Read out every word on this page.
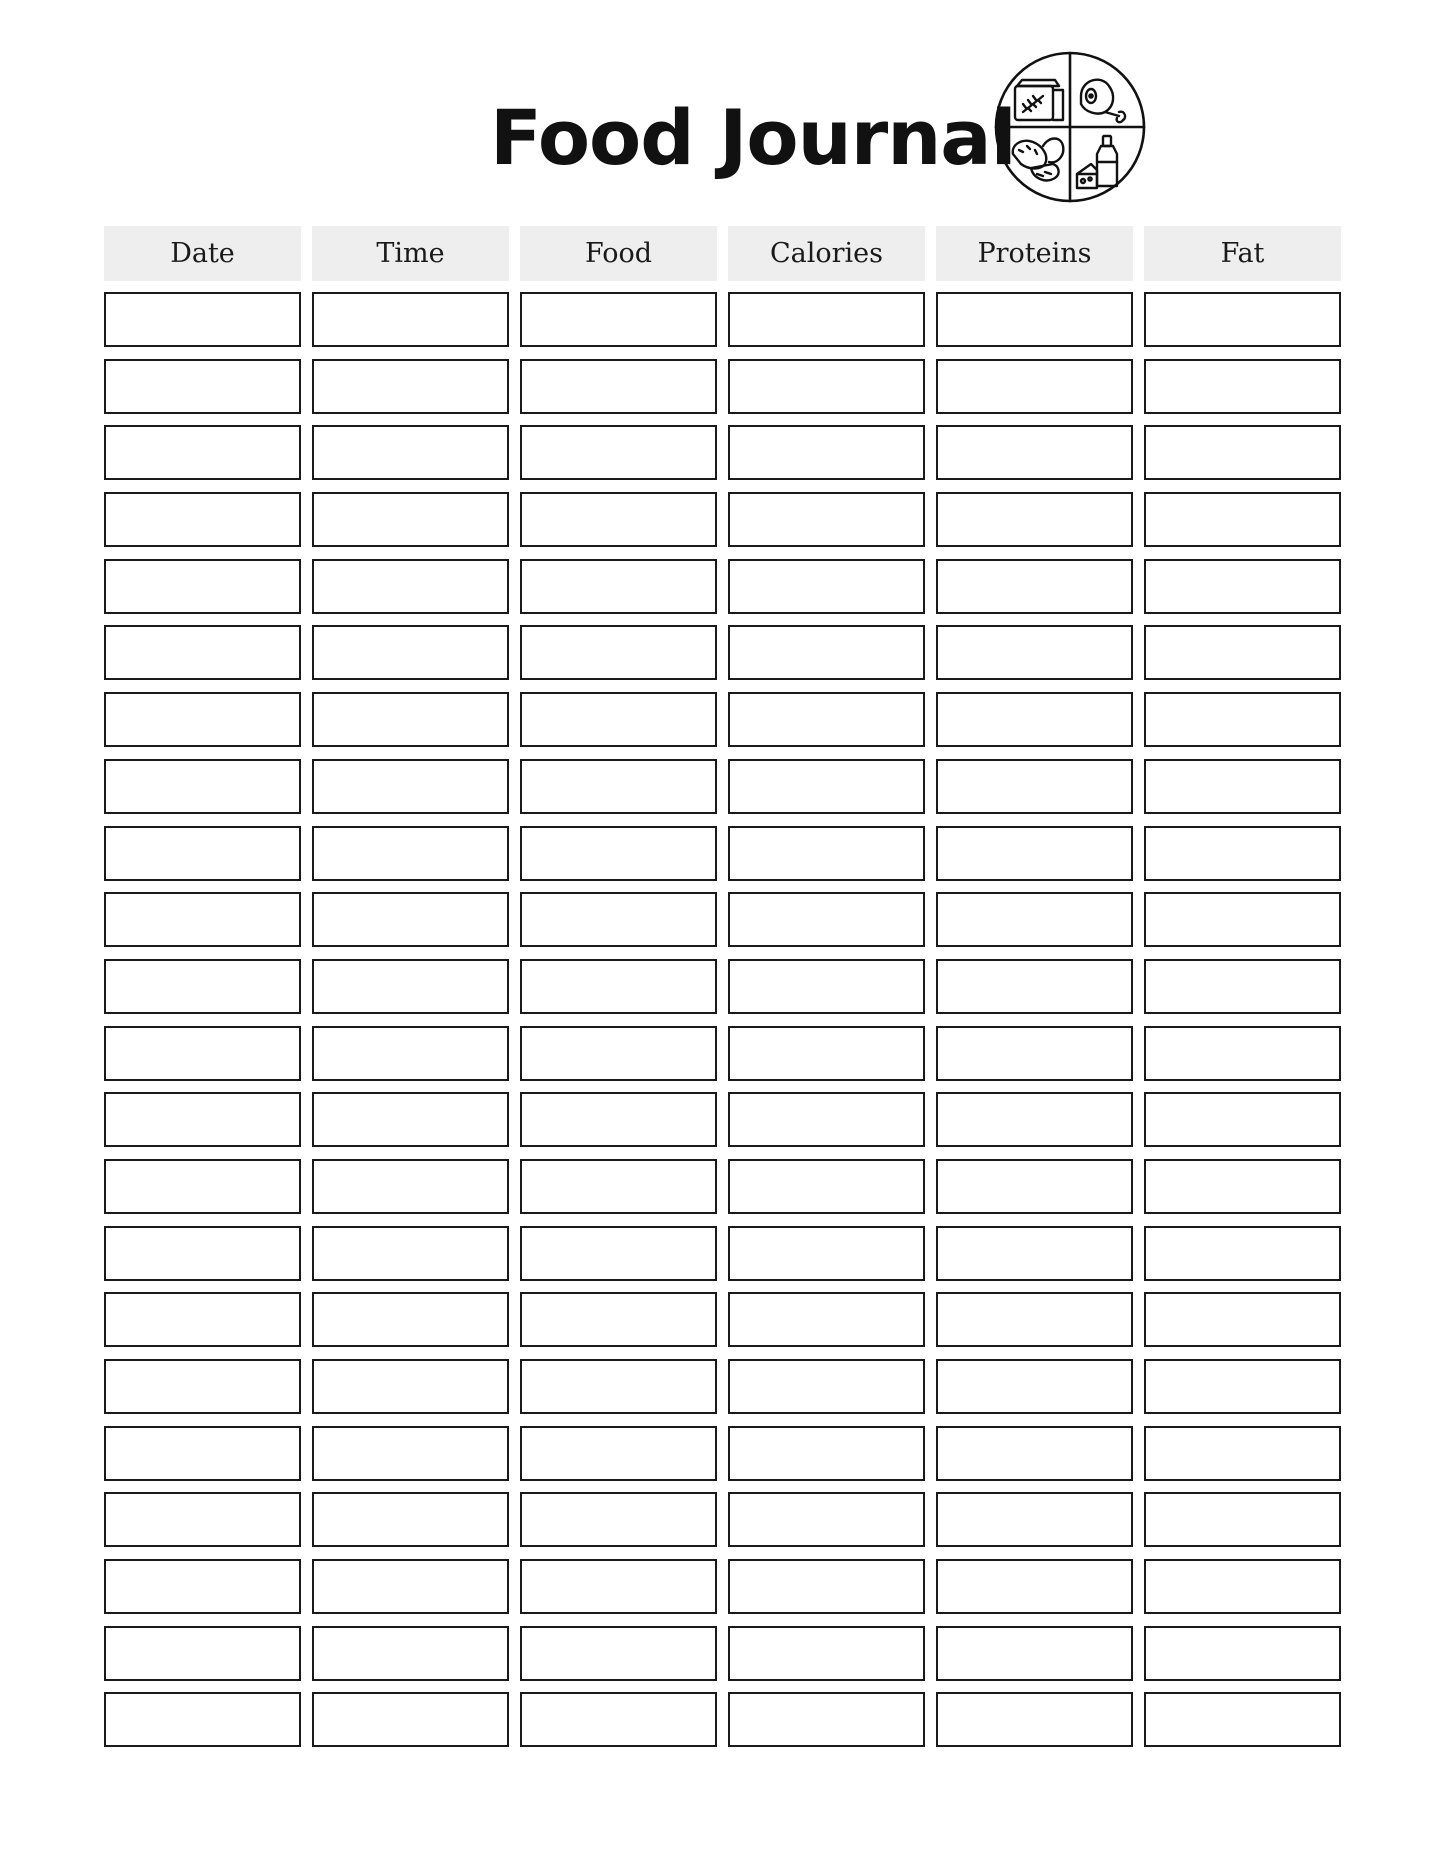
Food Journal
Date	Time	Food	Calories	Proteins	Fat
